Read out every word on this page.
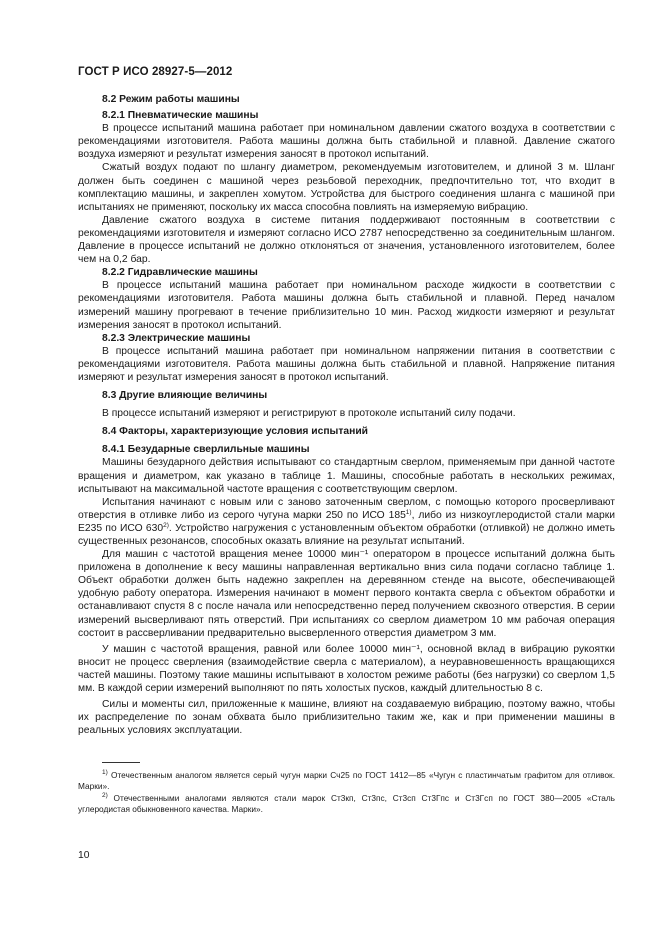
ГОСТ Р ИСО 28927-5—2012
8.2 Режим работы машины
8.2.1 Пневматические машины

В процессе испытаний машина работает при номинальном давлении сжатого воздуха в соответствии с рекомендациями изготовителя. Работа машины должна быть стабильной и плавной. Давление сжатого воздуха измеряют и результат измерения заносят в протокол испытаний.

Сжатый воздух подают по шлангу диаметром, рекомендуемым изготовителем, и длиной 3 м. Шланг должен быть соединен с машиной через резьбовой переходник, предпочтительно тот, что входит в комплектацию машины, и закреплен хомутом. Устройства для быстрого соединения шланга с машиной при испытаниях не применяют, поскольку их масса способна повлиять на измеряемую вибрацию.

Давление сжатого воздуха в системе питания поддерживают постоянным в соответствии с рекомендациями изготовителя и измеряют согласно ИСО 2787 непосредственно за соединительным шлангом. Давление в процессе испытаний не должно отклоняться от значения, установленного изготовителем, более чем на 0,2 бар.

8.2.2 Гидравлические машины

В процессе испытаний машина работает при номинальном расходе жидкости в соответствии с рекомендациями изготовителя. Работа машины должна быть стабильной и плавной. Перед началом измерений машину прогревают в течение приблизительно 10 мин. Расход жидкости измеряют и результат измерения заносят в протокол испытаний.

8.2.3 Электрические машины

В процессе испытаний машина работает при номинальном напряжении питания в соответствии с рекомендациями изготовителя. Работа машины должна быть стабильной и плавной. Напряжение питания измеряют и результат измерения заносят в протокол испытаний.

8.3 Другие влияющие величины

В процессе испытаний измеряют и регистрируют в протоколе испытаний силу подачи.

8.4 Факторы, характеризующие условия испытаний
8.4.1 Безударные сверлильные машины

Машины безударного действия испытывают со стандартным сверлом, применяемым при данной частоте вращения и диаметром, как указано в таблице 1. Машины, способные работать в нескольких режимах, испытывают на максимальной частоте вращения с соответствующим сверлом.

Испытания начинают с новым или с заново заточенным сверлом, с помощью которого просверливают отверстия в отливке либо из серого чугуна марки 250 по ИСО 185$^{1)}$, либо из низкоуглеродистой стали марки E235 по ИСО 630$^{2)}$. Устройство нагружения с установленным объектом обработки (отливкой) не должно иметь существенных резонансов, способных оказать влияние на результат испытаний.

Для машин с частотой вращения менее 10000 мин⁻¹ оператором в процессе испытаний должна быть приложена в дополнение к весу машины направленная вертикально вниз сила подачи согласно таблице 1. Объект обработки должен быть надежно закреплен на деревянном стенде на высоте, обеспечивающей удобную работу оператора. Измерения начинают в момент первого контакта сверла с объектом обработки и останавливают спустя 8 с после начала или непосредственно перед получением сквозного отверстия. В серии измерений высверливают пять отверстий. При испытаниях со сверлом диаметром 10 мм рабочая операция состоит в рассверливании предварительно высверленного отверстия диаметром 3 мм.

У машин с частотой вращения, равной или более 10000 мин⁻¹, основной вклад в вибрацию рукоятки вносит не процесс сверления (взаимодействие сверла с материалом), а неуравновешенность вращающихся частей машины. Поэтому такие машины испытывают в холостом режиме работы (без нагрузки) со сверлом 1,5 мм. В каждой серии измерений выполняют по пять холостых пусков, каждый длительностью 8 с.

Силы и моменты сил, приложенные к машине, влияют на создаваемую вибрацию, поэтому важно, чтобы их распределение по зонам обхвата было приблизительно таким же, как и при применении машины в реальных условиях эксплуатации.

$^{1)}$ Отечественным аналогом является серый чугун марки Сч25 по ГОСТ 1412—85 «Чугун с пластинчатым графитом для отливок. Марки».

$^{2)}$ Отечественными аналогами являются стали марок Ст3кп, Ст3пс, Ст3сп Ст3Гпс и Ст3Гсп по ГОСТ 380—2005 «Сталь углеродистая обыкновенного качества. Марки».

10
